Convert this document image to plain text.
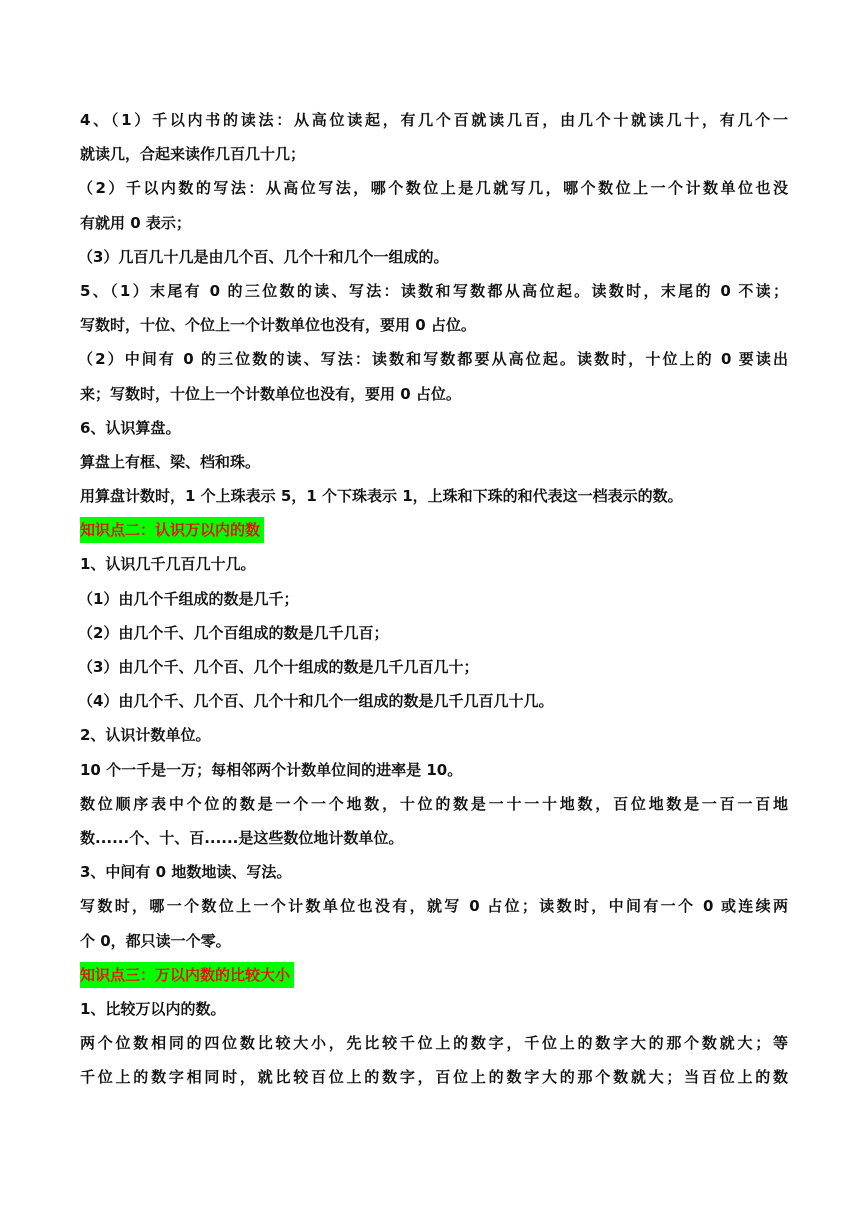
4、（1）千以内书的读法：从高位读起，有几个百就读几百，由几个十就读几十，有几个一
就读几，合起来读作几百几十几；
（2）千以内数的写法：从高位写法，哪个数位上是几就写几，哪个数位上一个计数单位也没
有就用 0 表示；
（3）几百几十几是由几个百、几个十和几个一组成的。
5、（1）末尾有 0 的三位数的读、写法：读数和写数都从高位起。读数时，末尾的 0 不读；
写数时，十位、个位上一个计数单位也没有，要用 0 占位。
（2）中间有 0 的三位数的读、写法：读数和写数都要从高位起。读数时，十位上的 0 要读出
来；写数时，十位上一个计数单位也没有，要用 0 占位。
6、认识算盘。
算盘上有框、梁、档和珠。
用算盘计数时，1 个上珠表示 5，1 个下珠表示 1，上珠和下珠的和代表这一档表示的数。
知识点二：认识万以内的数
1、认识几千几百几十几。
（1）由几个千组成的数是几千；
（2）由几个千、几个百组成的数是几千几百；
（3）由几个千、几个百、几个十组成的数是几千几百几十；
（4）由几个千、几个百、几个十和几个一组成的数是几千几百几十几。
2、认识计数单位。
10 个一千是一万；每相邻两个计数单位间的进率是 10。
数位顺序表中个位的数是一个一个地数，十位的数是一十一十地数，百位地数是一百一百地
数......个、十、百......是这些数位地计数单位。
3、中间有 0 地数地读、写法。
写数时，哪一个数位上一个计数单位也没有，就写 0 占位；读数时，中间有一个 0 或连续两
个 0，都只读一个零。
知识点三：万以内数的比较大小
1、比较万以内的数。
两个位数相同的四位数比较大小，先比较千位上的数字，千位上的数字大的那个数就大；等
千位上的数字相同时，就比较百位上的数字，百位上的数字大的那个数就大；当百位上的数
